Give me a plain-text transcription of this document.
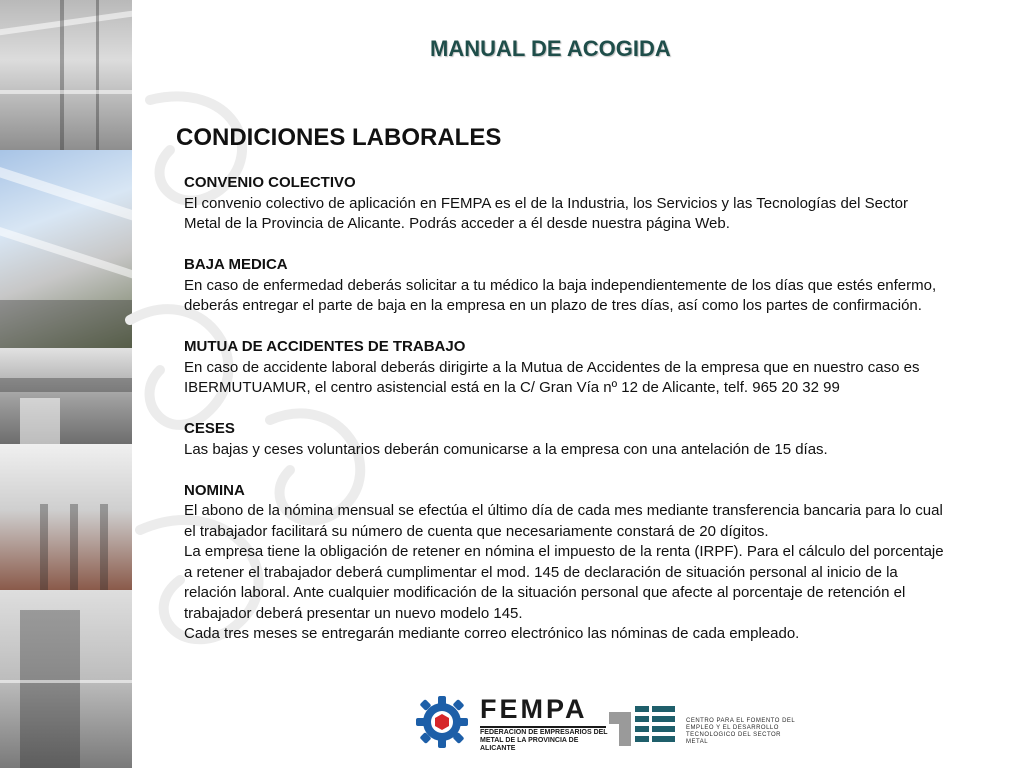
MANUAL DE ACOGIDA
CONDICIONES LABORALES
CONVENIO COLECTIVO

El convenio colectivo de aplicación en FEMPA es el de la Industria, los Servicios y las Tecnologías del Sector Metal de la Provincia de Alicante. Podrás acceder a él desde nuestra página Web.

BAJA MEDICA

En caso de enfermedad deberás solicitar a tu médico la baja independientemente de los días que estés enfermo, deberás entregar el parte de baja en la empresa en un plazo de tres días, así como los partes de confirmación.

MUTUA DE ACCIDENTES DE TRABAJO

En caso de accidente laboral deberás dirigirte a la Mutua de Accidentes de la empresa que en nuestro caso es IBERMUTUAMUR, el centro asistencial está en la C/ Gran Vía nº 12 de Alicante, telf. 965 20 32 99

CESES

Las bajas y ceses voluntarios deberán comunicarse a la empresa con una antelación de 15 días.

NOMINA

El abono de la nómina mensual se efectúa el último día de cada mes mediante transferencia bancaria para lo cual el trabajador facilitará su número de cuenta que necesariamente constará de 20 dígitos.

La empresa tiene la obligación de retener en nómina el impuesto de la renta (IRPF). Para el cálculo del porcentaje a retener el trabajador deberá cumplimentar el mod. 145 de declaración de situación personal al inicio de la relación laboral. Ante cualquier modificación de la situación personal que afecte al porcentaje de retención el trabajador deberá presentar un nuevo modelo 145.

Cada tres meses se entregarán mediante correo electrónico las nóminas de cada empleado.

FEMPA
FEDERACION DE EMPRESARIOS DEL METAL DE LA PROVINCIA DE ALICANTE
CENTRO PARA EL FOMENTO DEL EMPLEO Y EL DESARROLLO TECNOLOGICO DEL SECTOR METAL
